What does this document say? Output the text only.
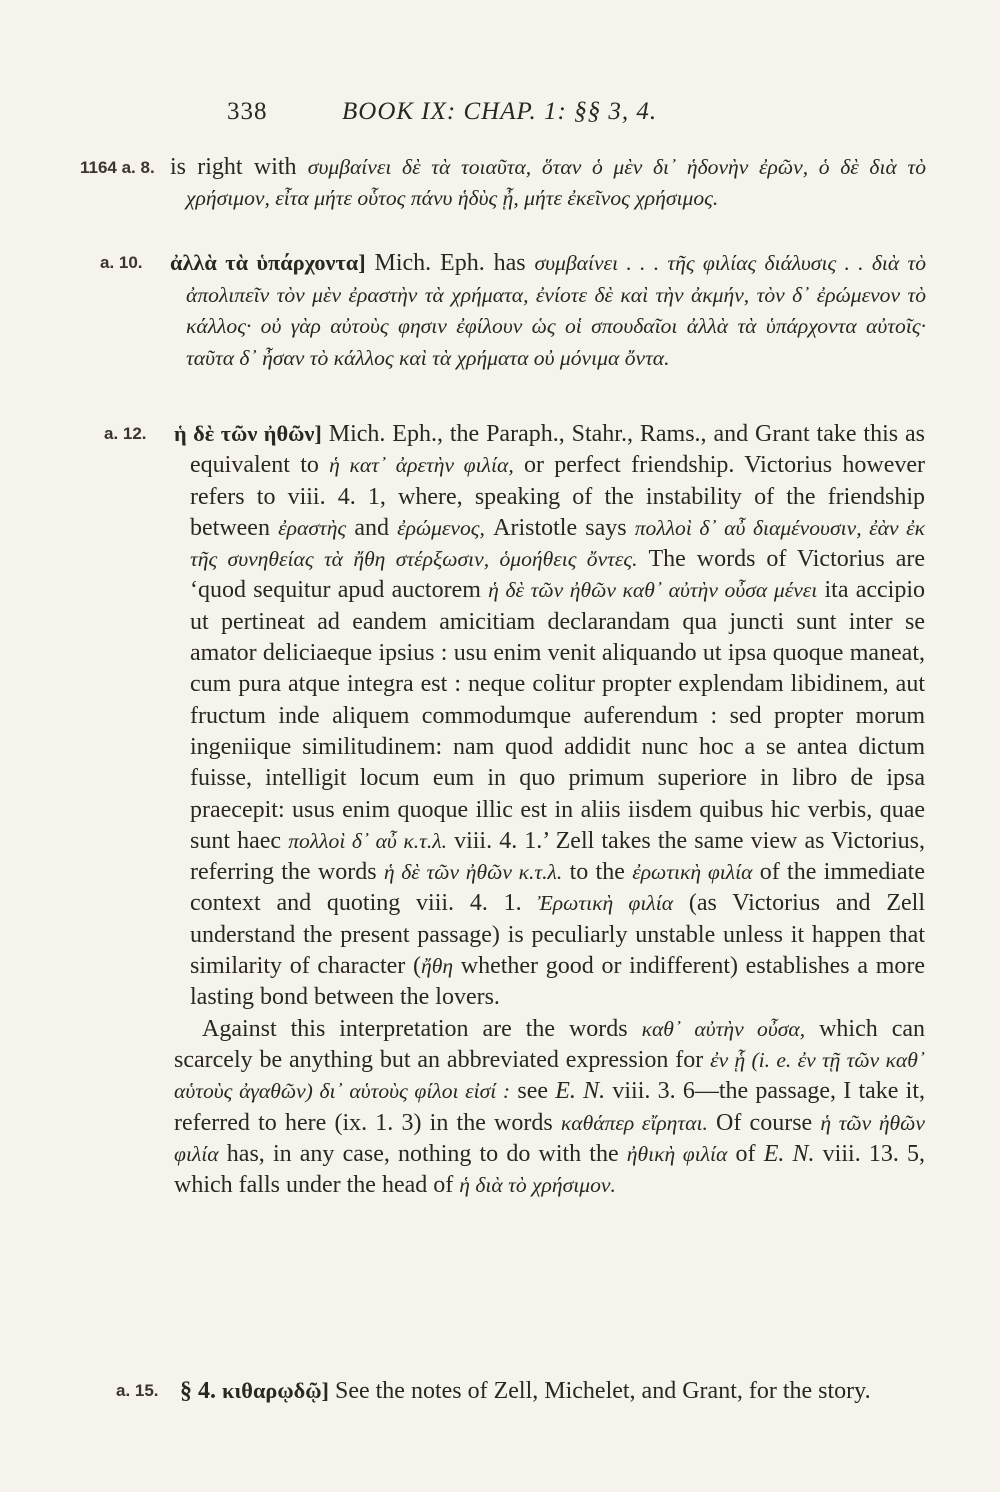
338	BOOK IX: CHAP. 1: §§ 3, 4.
1164 a. 8. is right with συμβαίνει δὲ τὰ τοιαῦτα, ὅταν ὁ μὲν δι᾽ ἡδονὴν ἐρῶν, ὁ δὲ διὰ τὸ χρήσιμον, εἶτα μήτε οὗτος πάνυ ἡδὺς ᾖ, μήτε ἐκεῖνος χρήσιμος.
a. 10.	ἀλλὰ τὰ ὑπάρχοντα] Mich. Eph. has συμβαίνει . . . τῆς φιλίας διάλυσις . . διὰ τὸ ἀπολιπεῖν τὸν μὲν ἐραστὴν τὰ χρήματα, ἐνίοτε δὲ καὶ τὴν ἀκμήν, τὸν δ᾽ ἐρώμενον τὸ κάλλος· οὐ γὰρ αὐτοὺς φησιν ἐφίλουν ὡς οἱ σπουδαῖοι ἀλλὰ τὰ ὑπάρχοντα αὐτοῖς· ταῦτα δ᾽ ἦσαν τὸ κάλλος καὶ τὰ χρήματα οὐ μόνιμα ὄντα.
a. 12.	ἡ δὲ τῶν ἠθῶν] Mich. Eph., the Paraph., Stahr., Rams., and Grant take this as equivalent to ἡ κατ᾽ ἀρετὴν φιλία, or perfect friendship. Victorius however refers to viii. 4. 1, where, speaking of the instability of the friendship between ἐραστὴς and ἐρώμενος, Aristotle says πολλοὶ δ᾽ αὖ διαμένουσιν, ἐὰν ἐκ τῆς συνηθείας τὰ ἤθη στέρξωσιν, ὁμοήθεις ὄντες. The words of Victorius are ‘quod sequitur apud auctorem ἡ δὲ τῶν ἠθῶν καθ᾽ αὐτὴν οὖσα μένει ita accipio ut pertineat ad eandem amicitiam declarandam qua juncti sunt inter se amator deliciaeque ipsius : usu enim venit aliquando ut ipsa quoque maneat, cum pura atque integra est : neque colitur propter explendam libidinem, aut fructum inde aliquem commodumque auferendum : sed propter morum ingeniique similitudinem: nam quod addidit nunc hoc a se antea dictum fuisse, intelligit locum eum in quo primum superiore in libro de ipsa praecepit: usus enim quoque illic est in aliis iisdem quibus hic verbis, quae sunt haec πολλοὶ δ᾽ αὖ κ.τ.λ. viii. 4. 1.’ Zell takes the same view as Victorius, referring the words ἡ δὲ τῶν ἠθῶν κ.τ.λ. to the ἐρωτικὴ φιλία of the immediate context and quoting viii. 4. 1. Ἐρωτικὴ φιλία (as Victorius and Zell understand the present passage) is peculiarly unstable unless it happen that similarity of character (ἤθη whether good or indifferent) establishes a more lasting bond between the lovers.

Against this interpretation are the words καθ᾽ αὐτὴν οὖσα, which can scarcely be anything but an abbreviated expression for ἐν ᾗ (i. e. ἐν τῇ τῶν καθ᾽ αὑτοὺς ἀγαθῶν) δι᾽ αὑτοὺς φίλοι εἰσί : see E. N. viii. 3. 6—the passage, I take it, referred to here (ix. 1. 3) in the words καθάπερ εἴρηται. Of course ἡ τῶν ἠθῶν φιλία has, in any case, nothing to do with the ἠθικὴ φιλία of E. N. viii. 13. 5, which falls under the head of ἡ διὰ τὸ χρήσιμον.

a. 15. § 4. κιθαρῳδῷ] See the notes of Zell, Michelet, and Grant, for the story.
